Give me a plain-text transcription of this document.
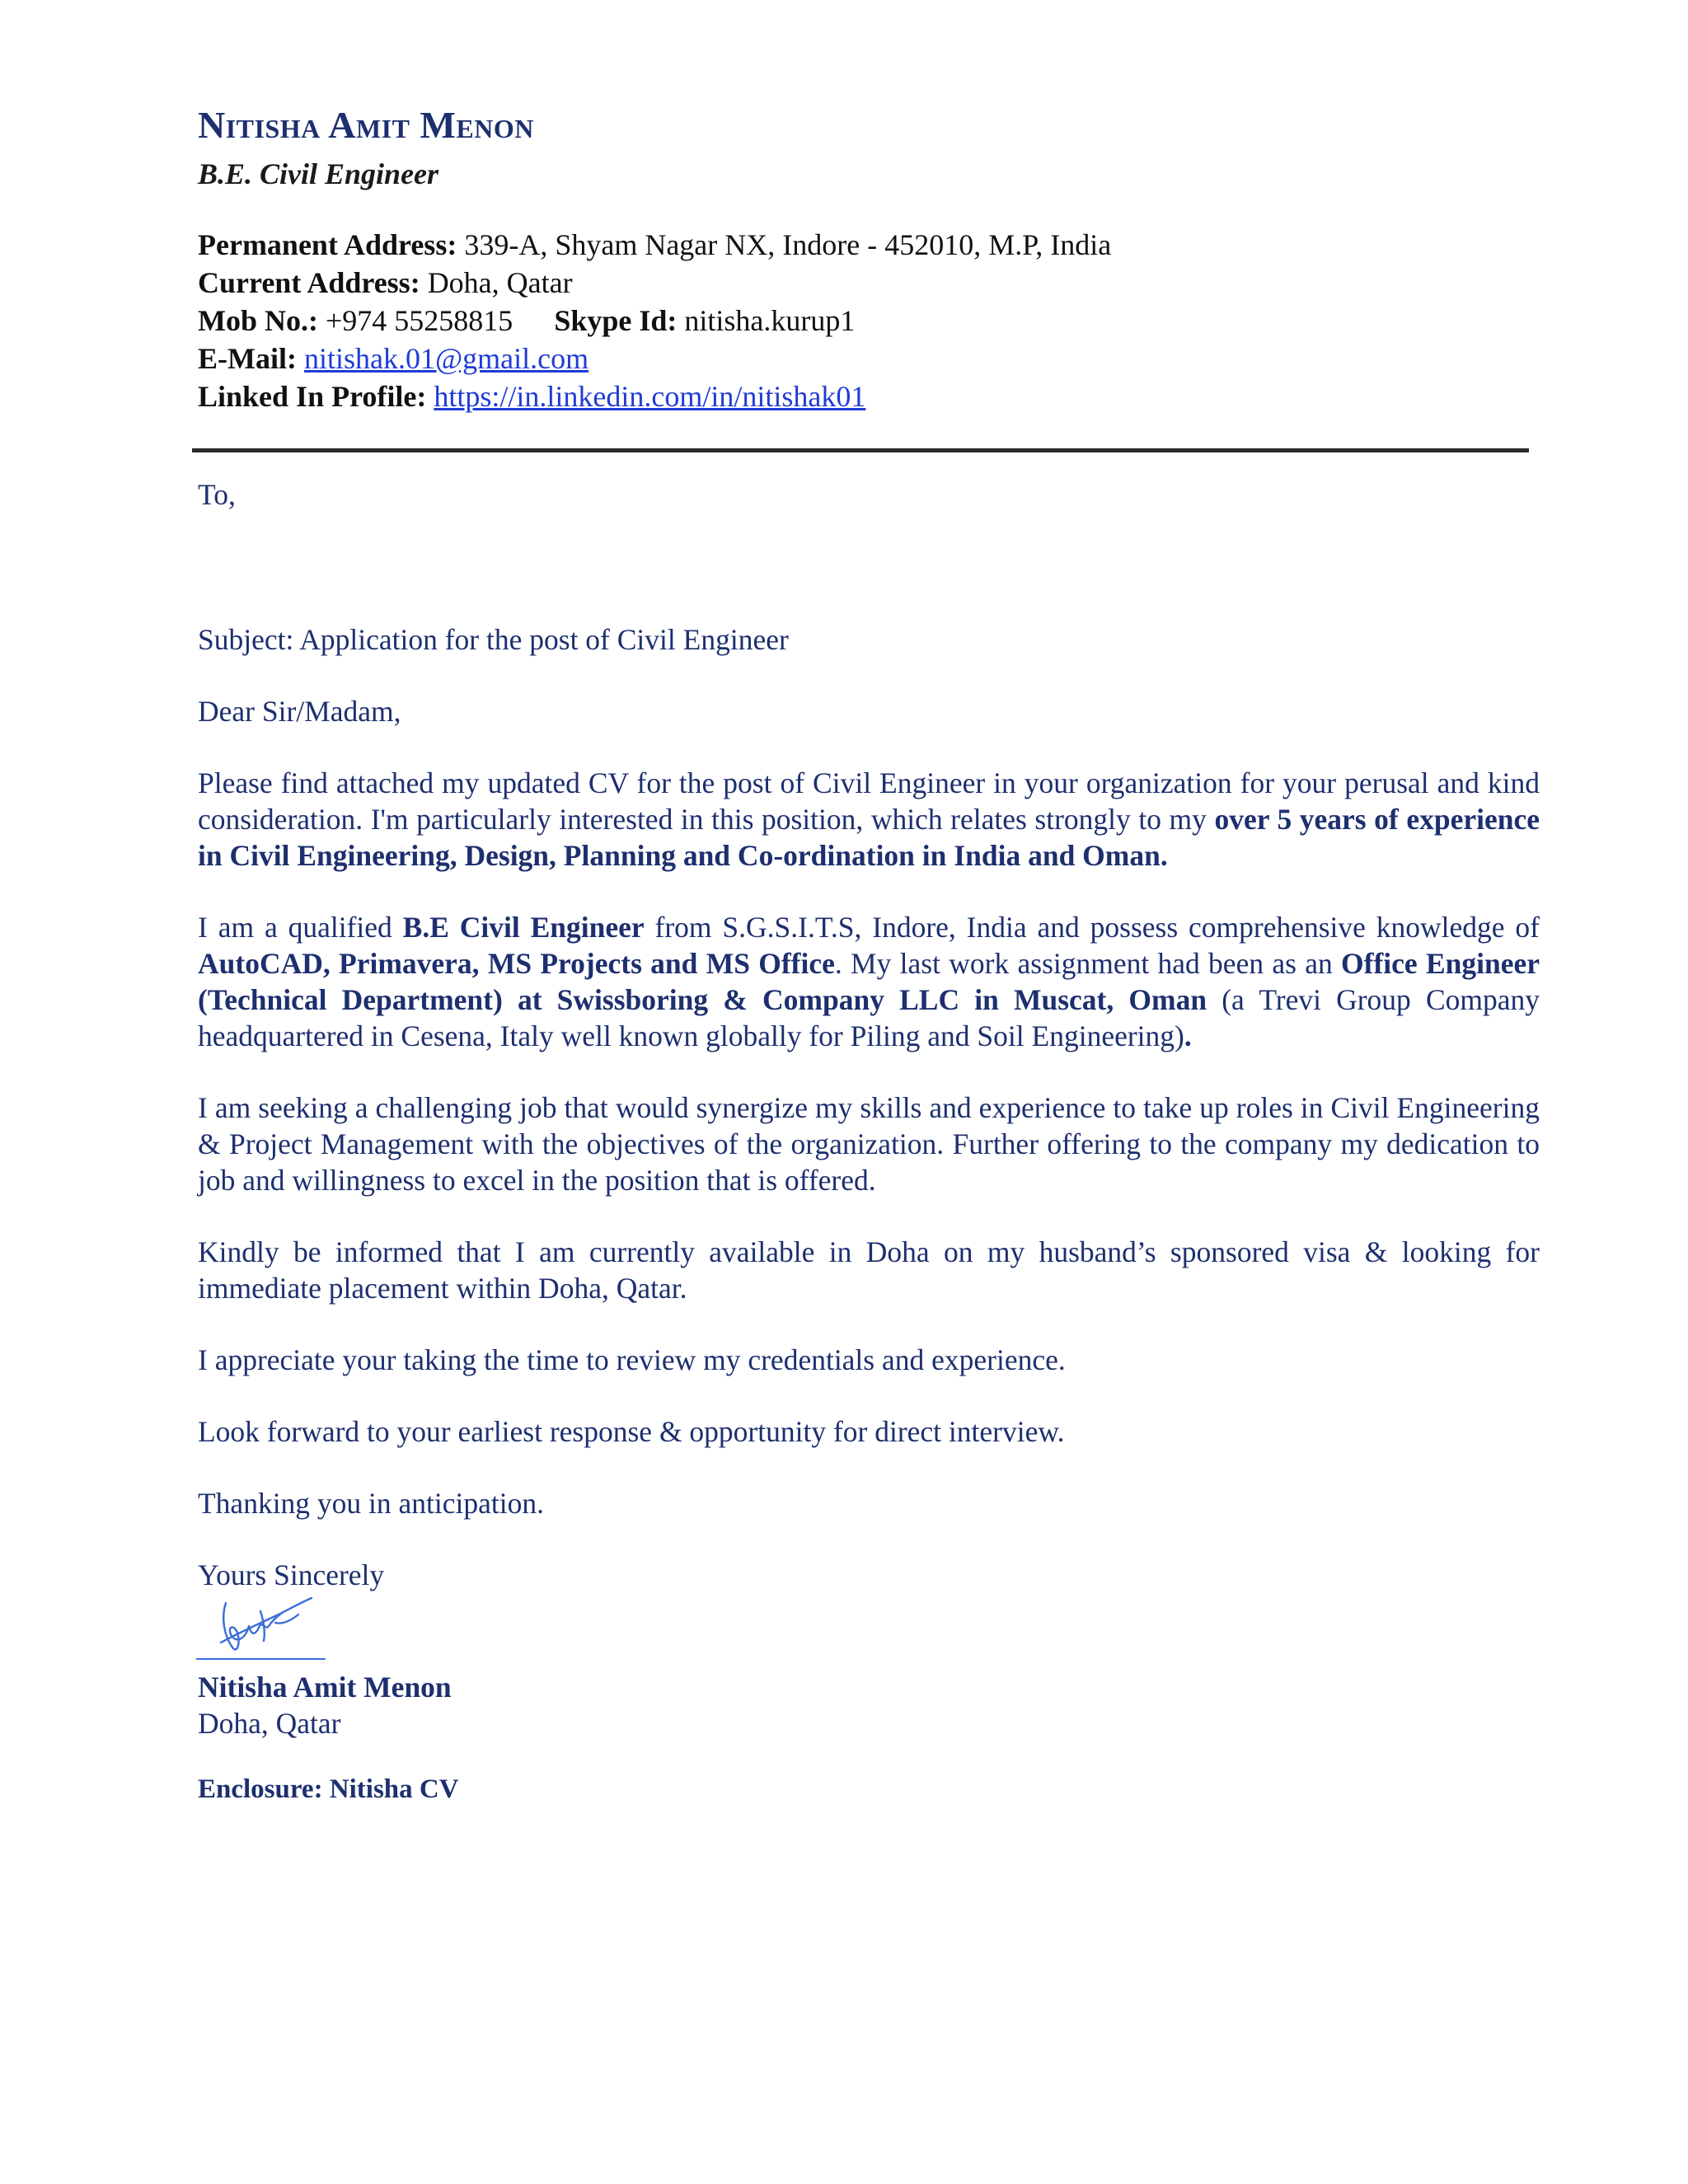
Nitisha Amit Menon
B.E. Civil Engineer
Permanent Address: 339-A, Shyam Nagar NX, Indore - 452010, M.P, India
Current Address: Doha, Qatar
Mob No.: +974 55258815 Skype Id: nitisha.kurup1
E-Mail: nitishak.01@gmail.com
Linked In Profile: https://in.linkedin.com/in/nitishak01

To,

Subject: Application for the post of Civil Engineer

Dear Sir/Madam,

Please find attached my updated CV for the post of Civil Engineer in your organization for your perusal and kind consideration. I'm particularly interested in this position, which relates strongly to my over 5 years of experience in Civil Engineering, Design, Planning and Co-ordination in India and Oman.

I am a qualified B.E Civil Engineer from S.G.S.I.T.S, Indore, India and possess comprehensive knowledge of AutoCAD, Primavera, MS Projects and MS Office. My last work assignment had been as an Office Engineer (Technical Department) at Swissboring & Company LLC in Muscat, Oman (a Trevi Group Company headquartered in Cesena, Italy well known globally for Piling and Soil Engineering).

I am seeking a challenging job that would synergize my skills and experience to take up roles in Civil Engineering & Project Management with the objectives of the organization. Further offering to the company my dedication to job and willingness to excel in the position that is offered.

Kindly be informed that I am currently available in Doha on my husband’s sponsored visa & looking for immediate placement within Doha, Qatar.

I appreciate your taking the time to review my credentials and experience.

Look forward to your earliest response & opportunity for direct interview.

Thanking you in anticipation.

Yours Sincerely

Nitisha Amit Menon

Doha, Qatar

Enclosure: Nitisha CV
